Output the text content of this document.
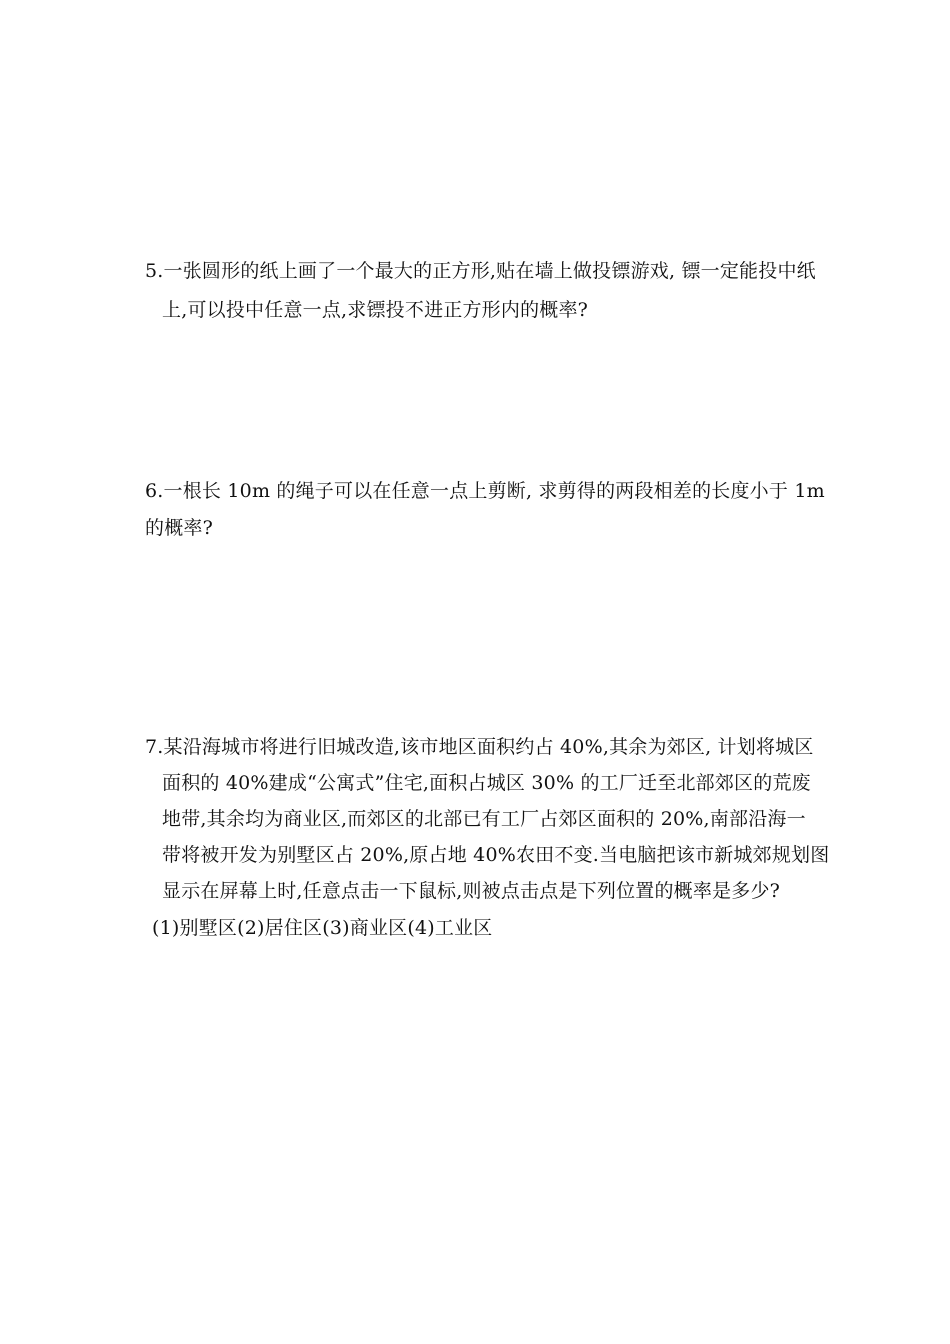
5.一张圆形的纸上画了一个最大的正方形,贴在墙上做投镖游戏, 镖一定能投中纸
上,可以投中任意一点,求镖投不进正方形内的概率?
6.一根长 10m 的绳子可以在任意一点上剪断, 求剪得的两段相差的长度小于 1m
的概率?
7.某沿海城市将进行旧城改造,该市地区面积约占 40%,其余为郊区, 计划将城区
面积的 40%建成“公寓式”住宅,面积占城区 30% 的工厂迁至北部郊区的荒废
地带,其余均为商业区,而郊区的北部已有工厂占郊区面积的 20%,南部沿海一
带将被开发为别墅区占 20%,原占地 40%农田不变.当电脑把该市新城郊规划图
显示在屏幕上时,任意点击一下鼠标,则被点击点是下列位置的概率是多少?
(1)别墅区(2)居住区(3)商业区(4)工业区
